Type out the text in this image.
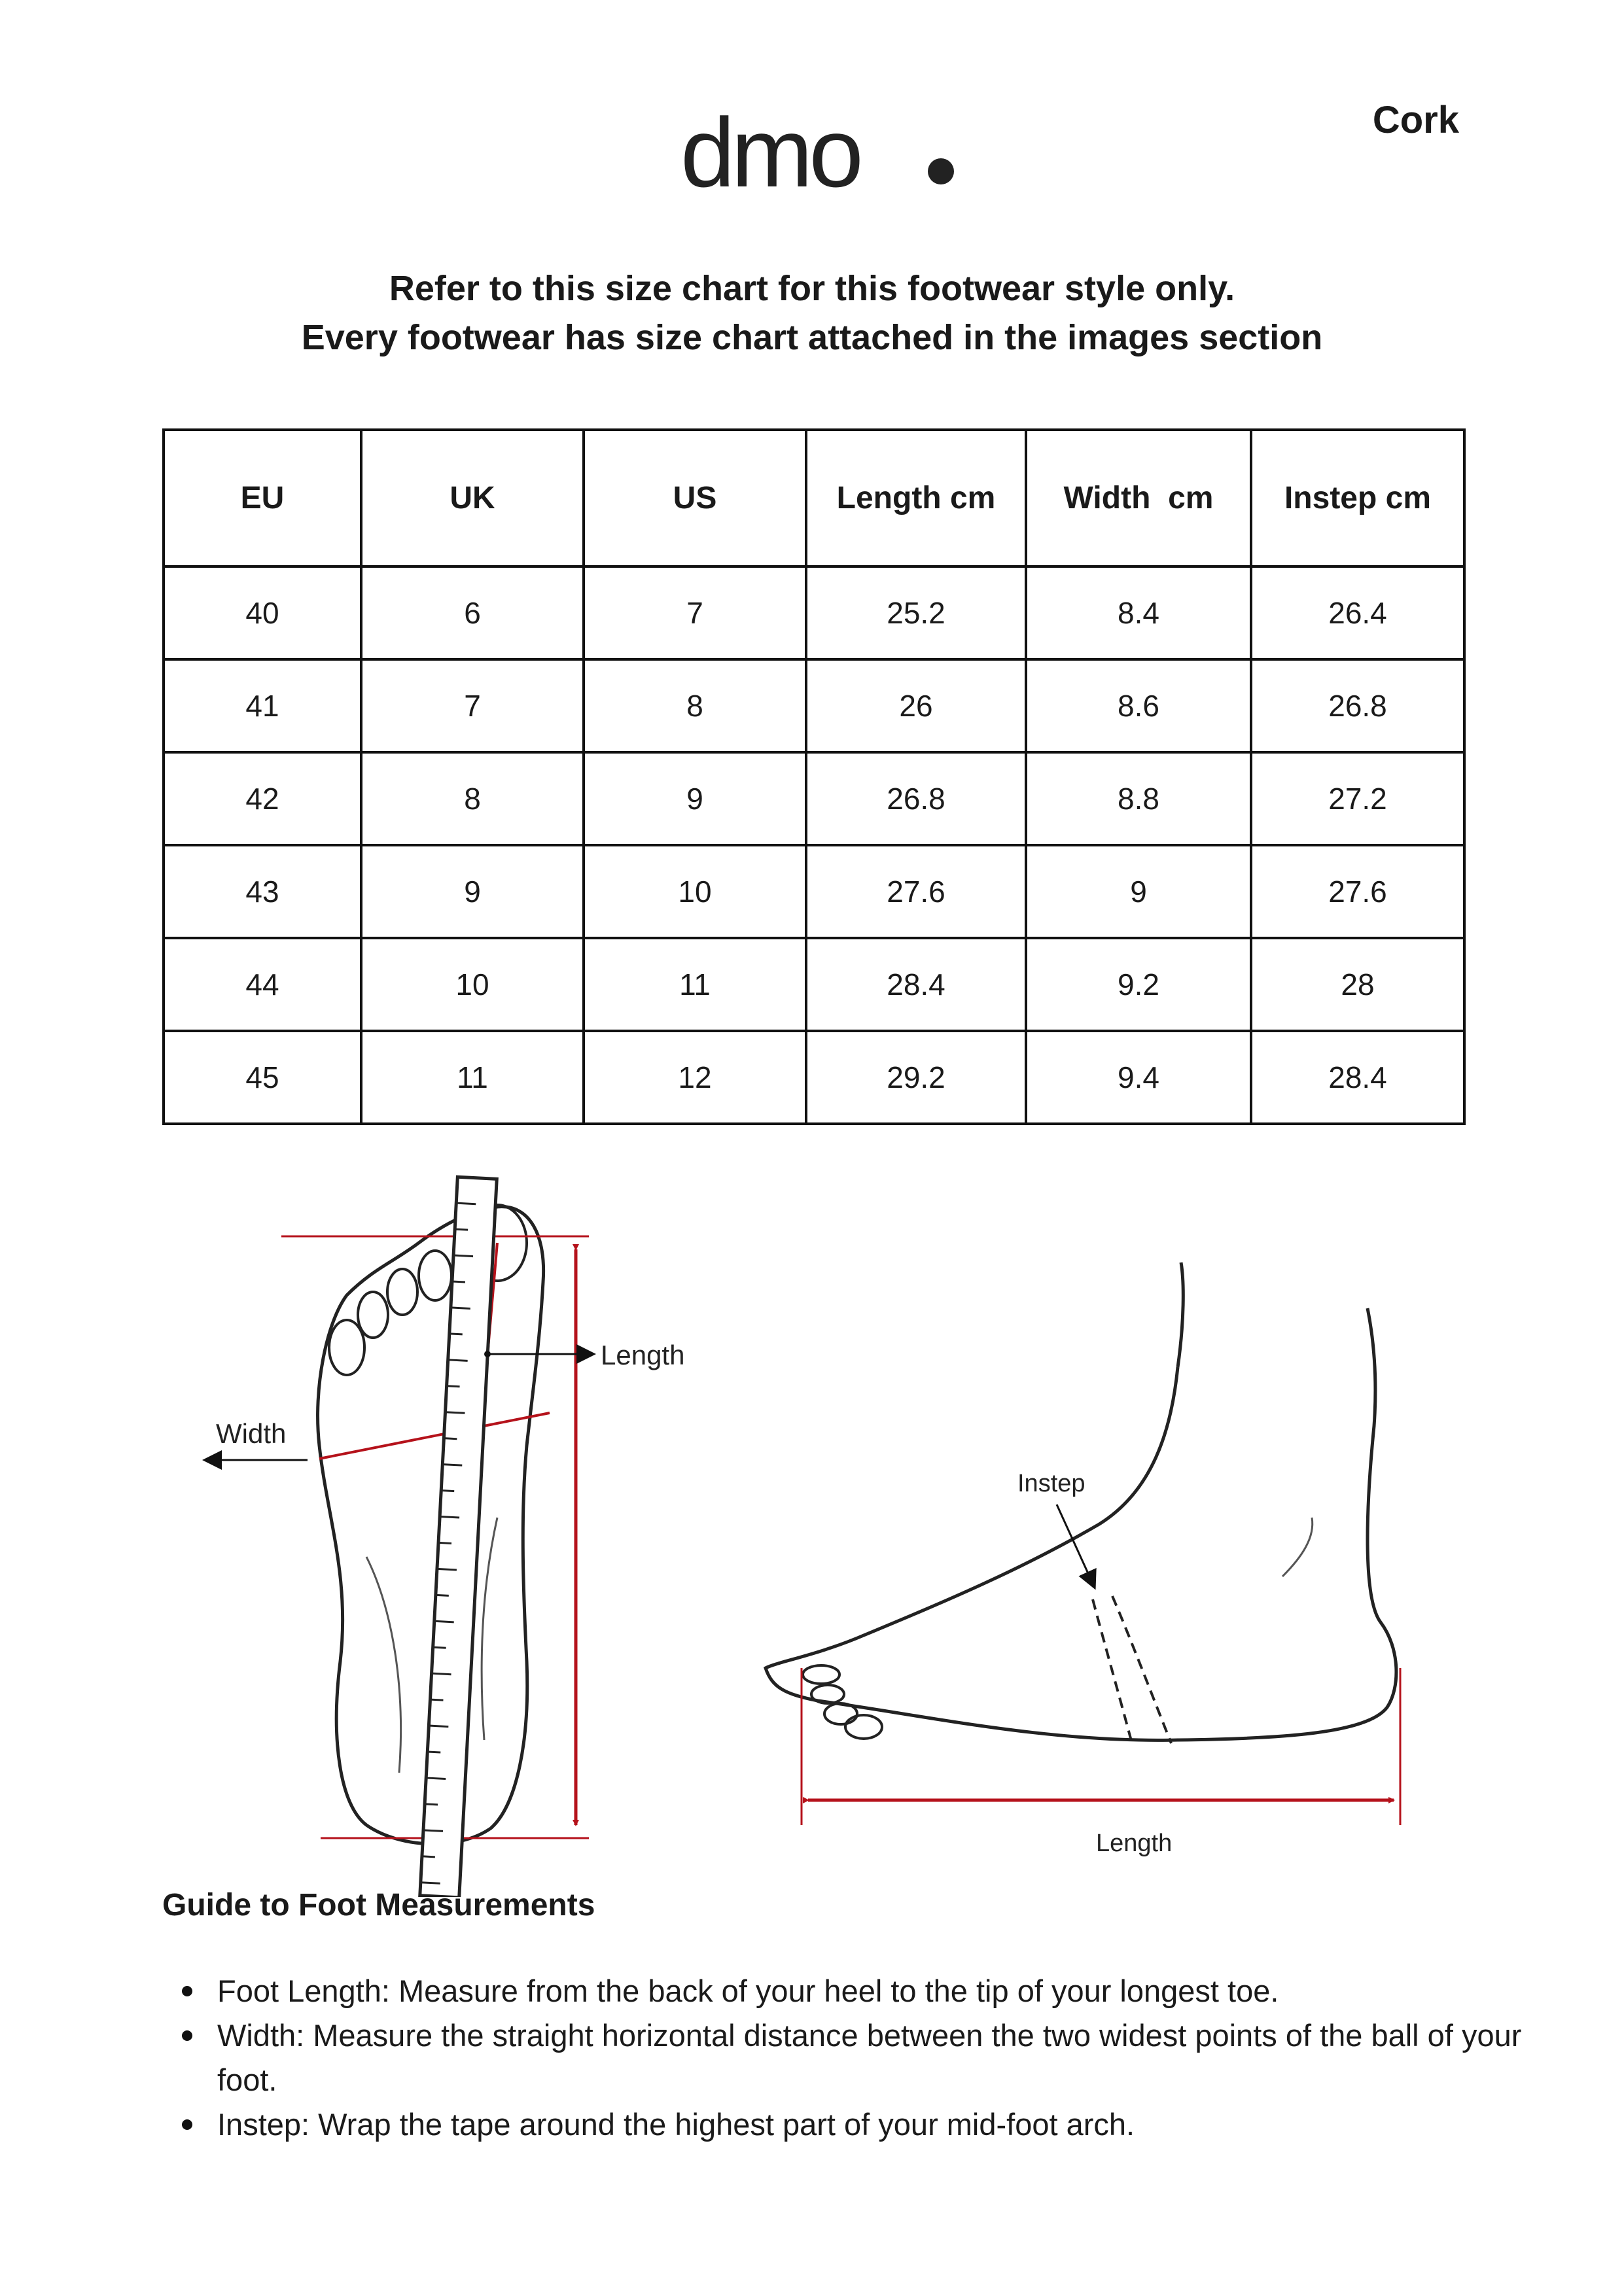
dmo	Cork
Refer to this size chart for this footwear style only.
Every footwear has size chart attached in the images section
EU	UK	US	Length cm	Width  cm	Instep cm
40	6	7	25.2	8.4	26.4
41	7	8	26	8.6	26.8
42	8	9	26.8	8.8	27.2
43	9	10	27.6	9	27.6
44	10	11	28.4	9.2	28
45	11	12	29.2	9.4	28.4
Length
Width
Instep
Length
Guide to Foot Measurements
Foot Length: Measure from the back of your heel to the tip of your longest toe.
Width: Measure the straight horizontal distance between the two widest points of the ball of your foot.
Instep: Wrap the tape around the highest part of your mid-foot arch.
